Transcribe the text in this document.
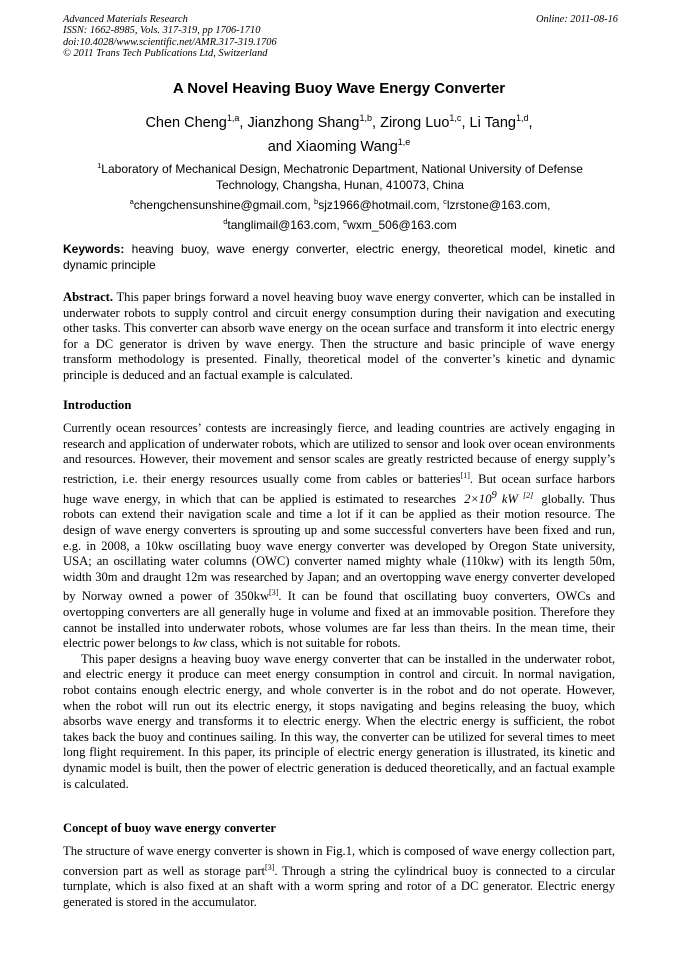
Advanced Materials Research
ISSN: 1662-8985, Vols. 317-319, pp 1706-1710
doi:10.4028/www.scientific.net/AMR.317-319.1706
© 2011 Trans Tech Publications Ltd, Switzerland
Online: 2011-08-16
A Novel Heaving Buoy Wave Energy Converter
Chen Cheng$^{1,a}$, Jianzhong Shang$^{1,b}$, Zirong Luo$^{1,c}$, Li Tang$^{1,d}$,
and Xiaoming Wang$^{1,e}$
$^1$Laboratory of Mechanical Design, Mechatronic Department, National University of Defense
Technology, Changsha, Hunan, 410073, China
$^a$chengchensunshine@gmail.com, $^b$sjz1966@hotmail.com, $^c$lzrstone@163.com,
$^d$tanglimail@163.com, $^e$wxm_506@163.com
Keywords: heaving buoy, wave energy converter, electric energy, theoretical model, kinetic and dynamic principle

Abstract. This paper brings forward a novel heaving buoy wave energy converter, which can be installed in underwater robots to supply control and circuit energy consumption during their navigation and executing other tasks. This converter can absorb wave energy on the ocean surface and transform it into electric energy for a DC generator is driven by wave energy. Then the structure and basic principle of wave energy transform methodology is presented. Finally, theoretical model of the converter’s kinetic and dynamic principle is deduced and an factual example is calculated.

Introduction

Currently ocean resources’ contests are increasingly fierce, and leading countries are actively engaging in research and application of underwater robots, which are utilized to sensor and look over ocean environments and resources. However, their movement and sensor scales are greatly restricted because of energy supply’s restriction, i.e. their energy resources usually come from cables or batteries[1]. But ocean surface harbors huge wave energy, in which that can be applied is estimated to researches $2\times 10^9$ kW [2] globally. Thus robots can extend their navigation scale and time a lot if it can be applied as their motion resource. The design of wave energy converters is sprouting up and some successful converters have been fixed and run, e.g. in 2008, a 10kw oscillating buoy wave energy converter was developed by Oregon State university, USA; an oscillating water columns (OWC) converter named mighty whale (110kw) with its length 50m, width 30m and draught 12m was researched by Japan; and an overtopping wave energy converter developed by Norway owned a power of 350kw[3]. It can be found that oscillating buoy converters, OWCs and overtopping converters are all generally huge in volume and fixed at an immovable position. Therefore they cannot be installed into underwater robots, whose volumes are far less than theirs. In the mean time, their electric power belongs to kw class, which is not suitable for robots.

This paper designs a heaving buoy wave energy converter that can be installed in the underwater robot, and electric energy it produce can meet energy consumption in control and circuit. In normal navigation, robot contains enough electric energy, and whole converter is in the robot and do not operate. However, when the robot will run out its electric energy, it stops navigating and begins releasing the buoy, which absorbs wave energy and transforms it to electric energy. When the electric energy is sufficient, the robot takes back the buoy and continues sailing. In this way, the converter can be utilized for several times to meet long flight requirement. In this paper, its principle of electric energy generation is illustrated, its kinetic and dynamic model is built, then the power of electric generation is deduced theoretically, and an factual example is calculated.

Concept of buoy wave energy converter

The structure of wave energy converter is shown in Fig.1, which is composed of wave energy collection part, conversion part as well as storage part[3]. Through a string the cylindrical buoy is connected to a circular turnplate, which is also fixed at an shaft with a worm spring and rotor of a DC generator. Electric energy generated is stored in the accumulator.
